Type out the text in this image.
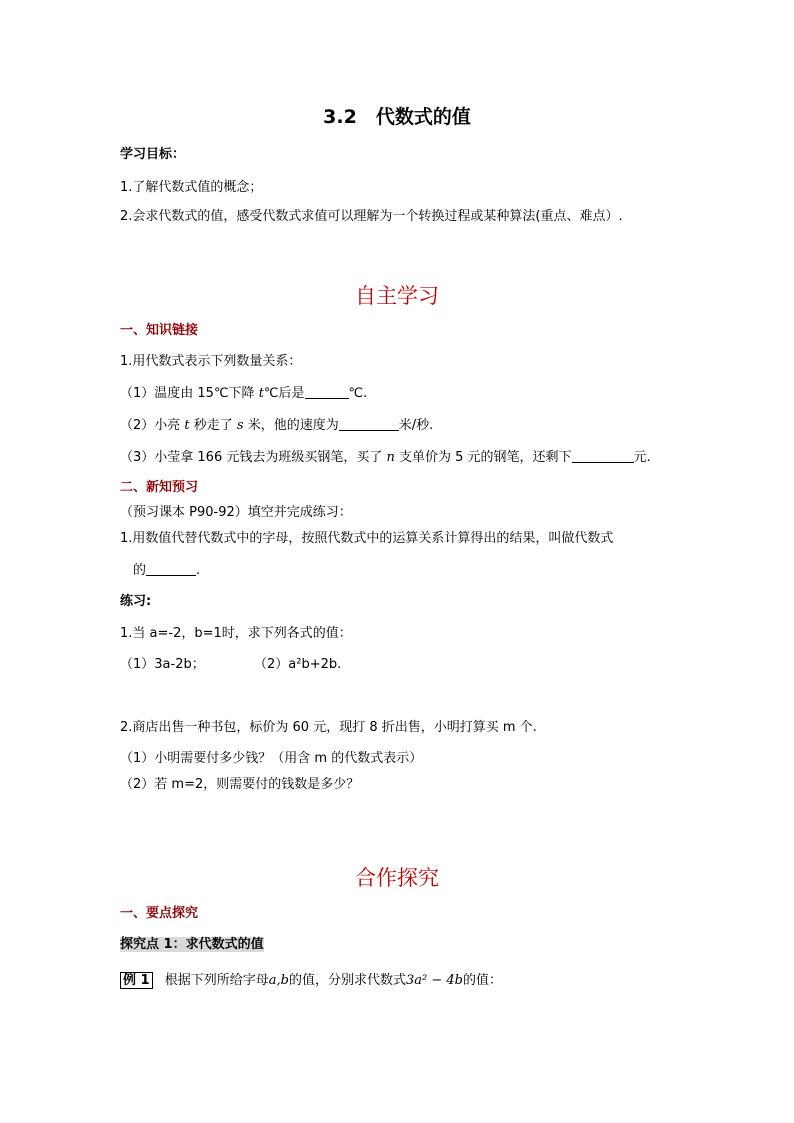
3.2　代数式的值
学习目标：
1.了解代数式值的概念；
2.会求代数式的值，感受代数式求值可以理解为一个转换过程或某种算法(重点、难点）.
自主学习
一、知识链接
1.用代数式表示下列数量关系：
（1）温度由 15℃下降 t℃后是	℃.
（2）小亮 t 秒走了 s 米，他的速度为	米/秒.
（3）小莹拿 166 元钱去为班级买钢笔，买了 n 支单价为 5 元的钢笔，还剩下	元.
二、新知预习
（预习课本 P90-92）填空并完成练习：
1.用数值代替代数式中的字母，按照代数式中的运算关系计算得出的结果，叫做代数式
的	.
练习:
1.当 a=-2，b=1时，求下列各式的值：
（1）3a-2b；	（2）a²b+2b.
2.商店出售一种书包，标价为 60 元，现打 8 折出售，小明打算买 m 个.
（1）小明需要付多少钱？（用含 m 的代数式表示）
（2）若 m=2，则需要付的钱数是多少？
合作探究
一、要点探究
探究点 1：求代数式的值
例 1 根据下列所给字母a,b的值，分别求代数式3a² − 4b的值：
